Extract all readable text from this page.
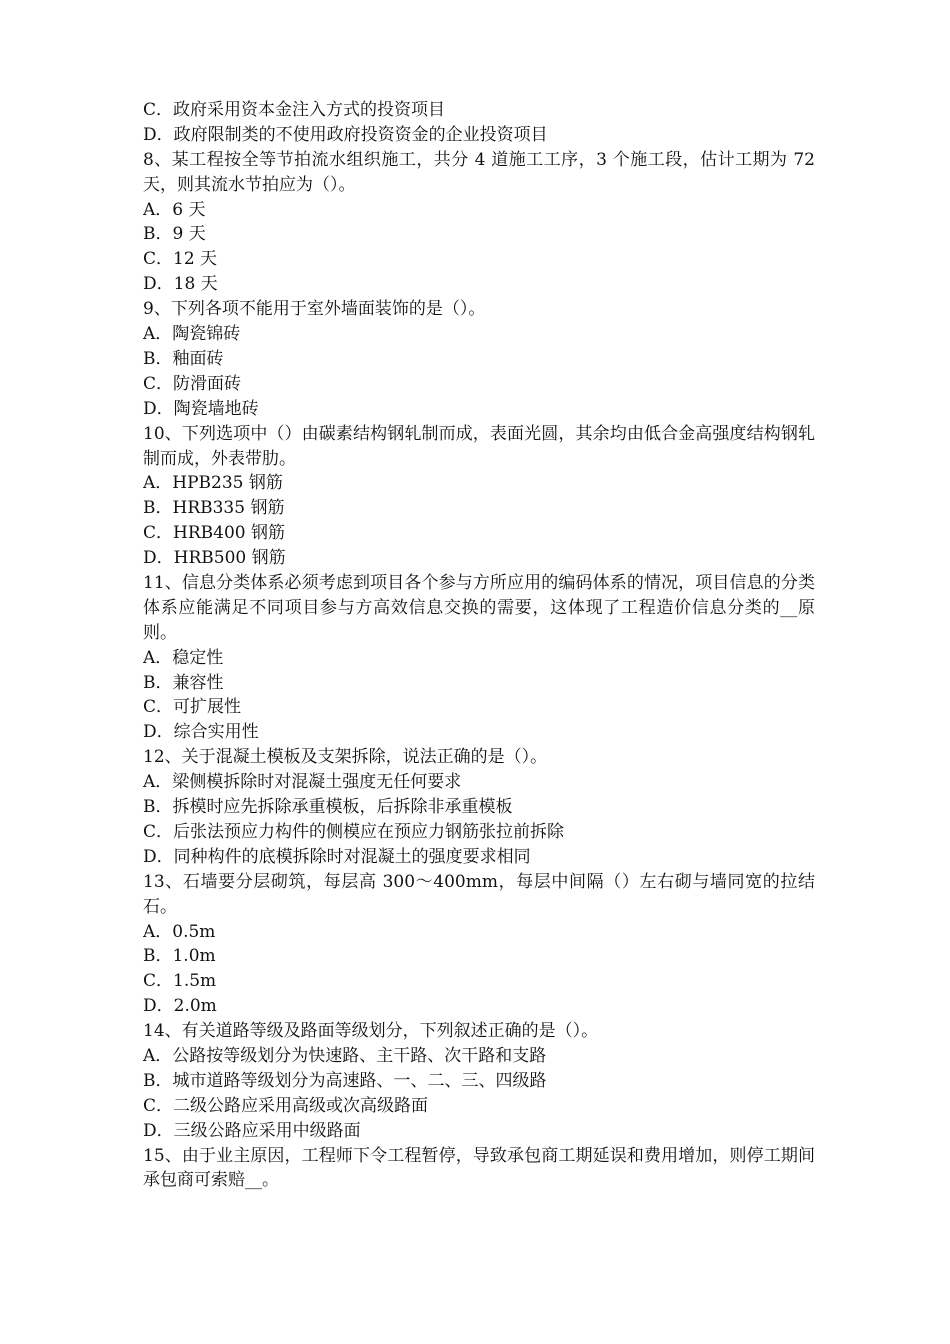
C．政府采用资本金注入方式的投资项目
D．政府限制类的不使用政府投资资金的企业投资项目
8、某工程按全等节拍流水组织施工，共分 4 道施工工序，3 个施工段，估计工期为 72 天，则其流水节拍应为（）。
A．6 天
B．9 天
C．12 天
D．18 天
9、下列各项不能用于室外墙面装饰的是（）。
A．陶瓷锦砖
B．釉面砖
C．防滑面砖
D．陶瓷墙地砖
10、下列选项中（）由碳素结构钢轧制而成，表面光圆，其余均由低合金高强度结构钢轧制而成，外表带肋。
A．HPB235 钢筋
B．HRB335 钢筋
C．HRB400 钢筋
D．HRB500 钢筋
11、信息分类体系必须考虑到项目各个参与方所应用的编码体系的情况，项目信息的分类体系应能满足不同项目参与方高效信息交换的需要，这体现了工程造价信息分类的__原则。
A．稳定性
B．兼容性
C．可扩展性
D．综合实用性
12、关于混凝土模板及支架拆除，说法正确的是（）。
A．梁侧模拆除时对混凝土强度无任何要求
B．拆模时应先拆除承重模板，后拆除非承重模板
C．后张法预应力构件的侧模应在预应力钢筋张拉前拆除
D．同种构件的底模拆除时对混凝土的强度要求相同
13、石墙要分层砌筑，每层高 300～400mm，每层中间隔（）左右砌与墙同宽的拉结石。
A．0.5m
B．1.0m
C．1.5m
D．2.0m
14、有关道路等级及路面等级划分，下列叙述正确的是（）。
A．公路按等级划分为快速路、主干路、次干路和支路
B．城市道路等级划分为高速路、一、二、三、四级路
C．二级公路应采用高级或次高级路面
D．三级公路应采用中级路面
15、由于业主原因，工程师下令工程暂停，导致承包商工期延误和费用增加，则停工期间承包商可索赔__。
